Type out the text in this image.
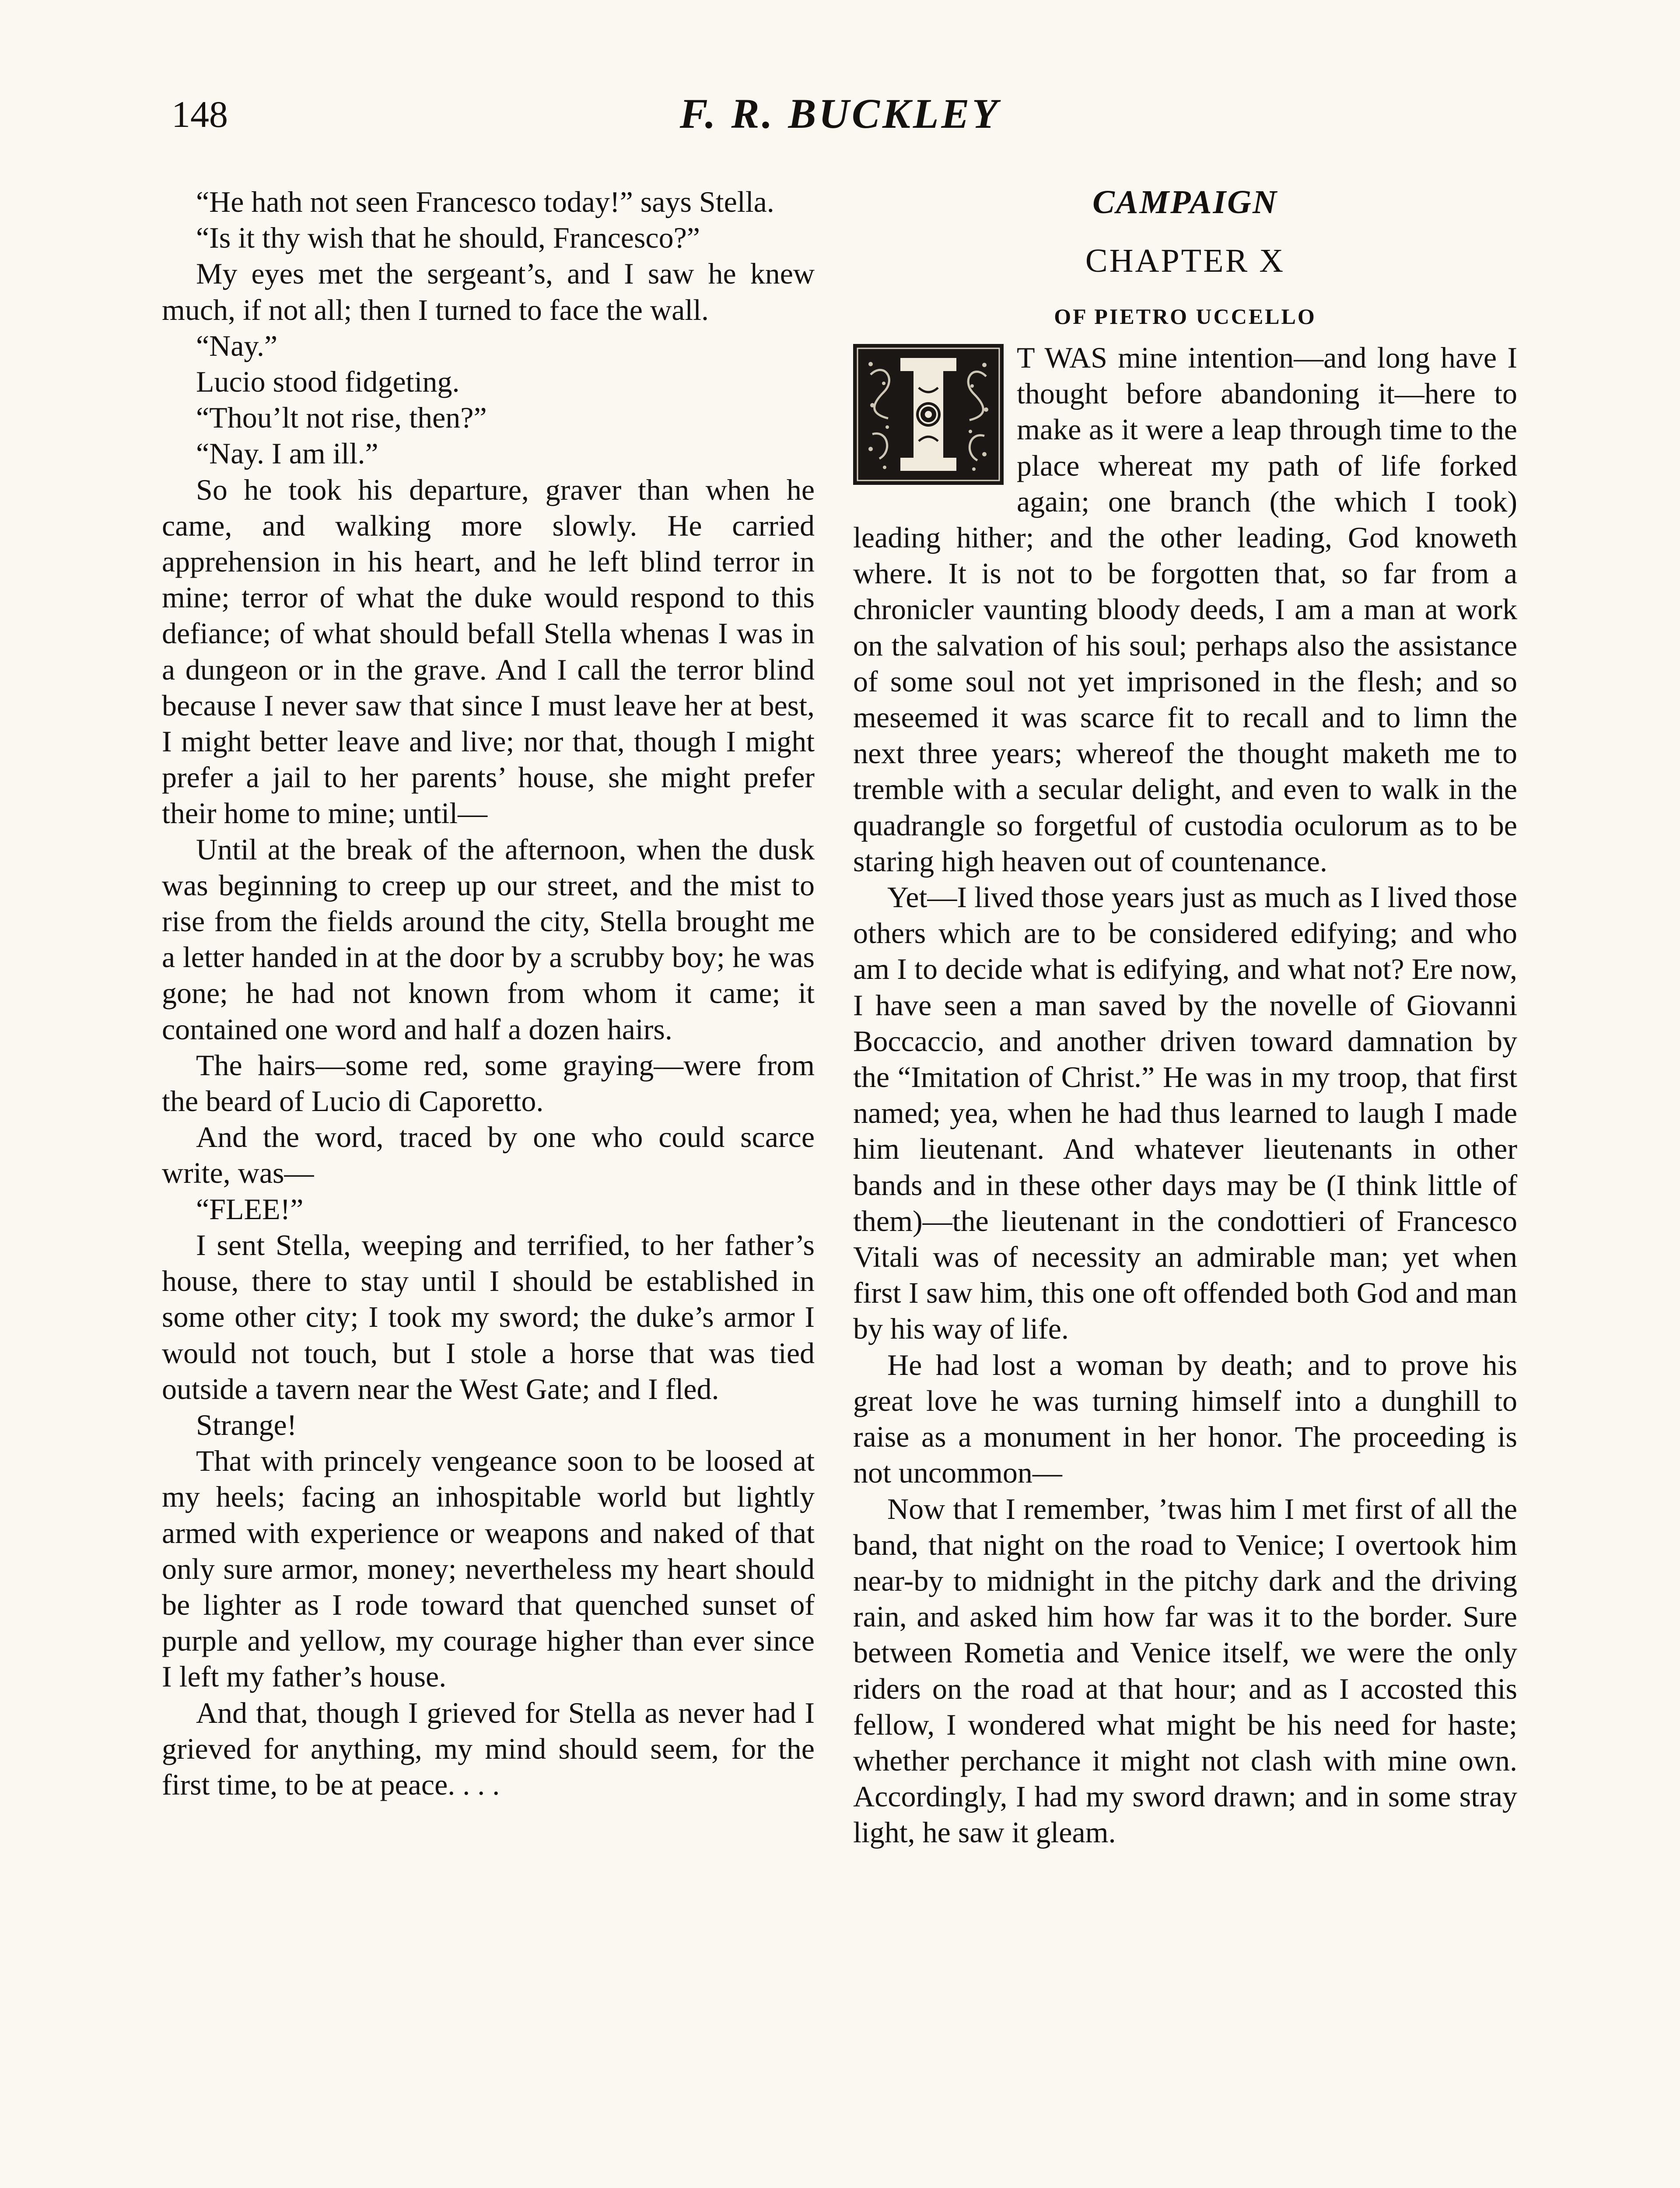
148	F. R. BUCKLEY

“He hath not seen Francesco today!” says Stella.

“Is it thy wish that he should, Francesco?”

My eyes met the sergeant’s, and I saw he knew much, if not all; then I turned to face the wall.

“Nay.”

Lucio stood fidgeting.

“Thou’lt not rise, then?”

“Nay. I am ill.”

So he took his departure, graver than when he came, and walking more slowly. He carried apprehension in his heart, and he left blind terror in mine; terror of what the duke would respond to this defiance; of what should befall Stella whenas I was in a dungeon or in the grave. And I call the terror blind because I never saw that since I must leave her at best, I might better leave and live; nor that, though I might prefer a jail to her parents’ house, she might prefer their home to mine; until—

Until at the break of the afternoon, when the dusk was beginning to creep up our street, and the mist to rise from the fields around the city, Stella brought me a letter handed in at the door by a scrubby boy; he was gone; he had not known from whom it came; it contained one word and half a dozen hairs.

The hairs—some red, some graying—were from the beard of Lucio di Caporetto.

And the word, traced by one who could scarce write, was—

“FLEE!”

I sent Stella, weeping and terrified, to her father’s house, there to stay until I should be established in some other city; I took my sword; the duke’s armor I would not touch, but I stole a horse that was tied outside a tavern near the West Gate; and I fled.

Strange!

That with princely vengeance soon to be loosed at my heels; facing an inhospitable world but lightly armed with experience or weapons and naked of that only sure armor, money; nevertheless my heart should be lighter as I rode toward that quenched sunset of purple and yellow, my courage higher than ever since I left my father’s house.

And that, though I grieved for Stella as never had I grieved for anything, my mind should seem, for the first time, to be at peace. . . .

CAMPAIGN
CHAPTER X
OF PIETRO UCCELLO

T WAS mine intention—and long have I thought before abandoning it—here to make as it were a leap through time to the place whereat my path of life forked again; one branch (the which I took) leading hither; and the other leading, God knoweth where. It is not to be forgotten that, so far from a chronicler vaunting bloody deeds, I am a man at work on the salvation of his soul; perhaps also the assistance of some soul not yet imprisoned in the flesh; and so meseemed it was scarce fit to recall and to limn the next three years; whereof the thought maketh me to tremble with a secular delight, and even to walk in the quadrangle so forgetful of custodia oculorum as to be staring high heaven out of countenance.

Yet—I lived those years just as much as I lived those others which are to be considered edifying; and who am I to decide what is edifying, and what not? Ere now, I have seen a man saved by the novelle of Giovanni Boccaccio, and another driven toward damnation by the “Imitation of Christ.” He was in my troop, that first named; yea, when he had thus learned to laugh I made him lieutenant. And whatever lieutenants in other bands and in these other days may be (I think little of them)—the lieutenant in the condottieri of Francesco Vitali was of necessity an admirable man; yet when first I saw him, this one oft offended both God and man by his way of life.

He had lost a woman by death; and to prove his great love he was turning himself into a dunghill to raise as a monument in her honor. The proceeding is not uncommon—

Now that I remember, ’twas him I met first of all the band, that night on the road to Venice; I overtook him near-by to midnight in the pitchy dark and the driving rain, and asked him how far was it to the border. Sure between Rometia and Venice itself, we were the only riders on the road at that hour; and as I accosted this fellow, I wondered what might be his need for haste; whether perchance it might not clash with mine own. Accordingly, I had my sword drawn; and in some stray light, he saw it gleam.
